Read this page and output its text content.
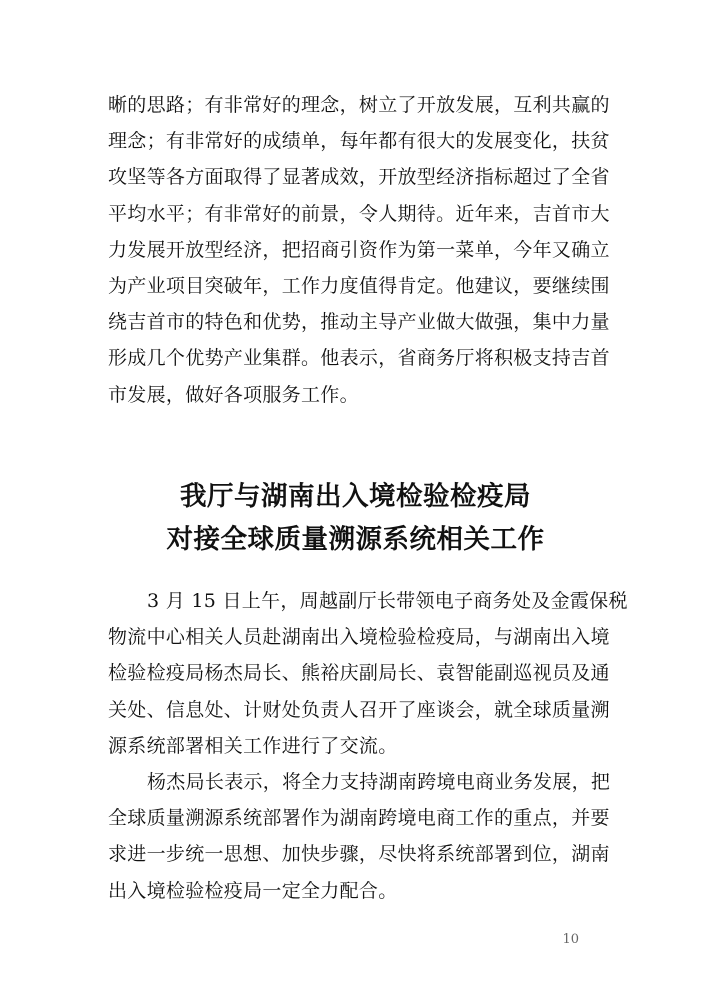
晰的思路；有非常好的理念，树立了开放发展，互利共赢的
理念；有非常好的成绩单，每年都有很大的发展变化，扶贫
攻坚等各方面取得了显著成效，开放型经济指标超过了全省
平均水平；有非常好的前景，令人期待。近年来，吉首市大
力发展开放型经济，把招商引资作为第一菜单，今年又确立
为产业项目突破年，工作力度值得肯定。他建议，要继续围
绕吉首市的特色和优势，推动主导产业做大做强，集中力量
形成几个优势产业集群。他表示，省商务厅将积极支持吉首
市发展，做好各项服务工作。
我厅与湖南出入境检验检疫局
对接全球质量溯源系统相关工作
3 月 15 日上午，周越副厅长带领电子商务处及金霞保税
物流中心相关人员赴湖南出入境检验检疫局，与湖南出入境
检验检疫局杨杰局长、熊裕庆副局长、袁智能副巡视员及通
关处、信息处、计财处负责人召开了座谈会，就全球质量溯
源系统部署相关工作进行了交流。
杨杰局长表示，将全力支持湖南跨境电商业务发展，把
全球质量溯源系统部署作为湖南跨境电商工作的重点，并要
求进一步统一思想、加快步骤，尽快将系统部署到位，湖南
出入境检验检疫局一定全力配合。
10
